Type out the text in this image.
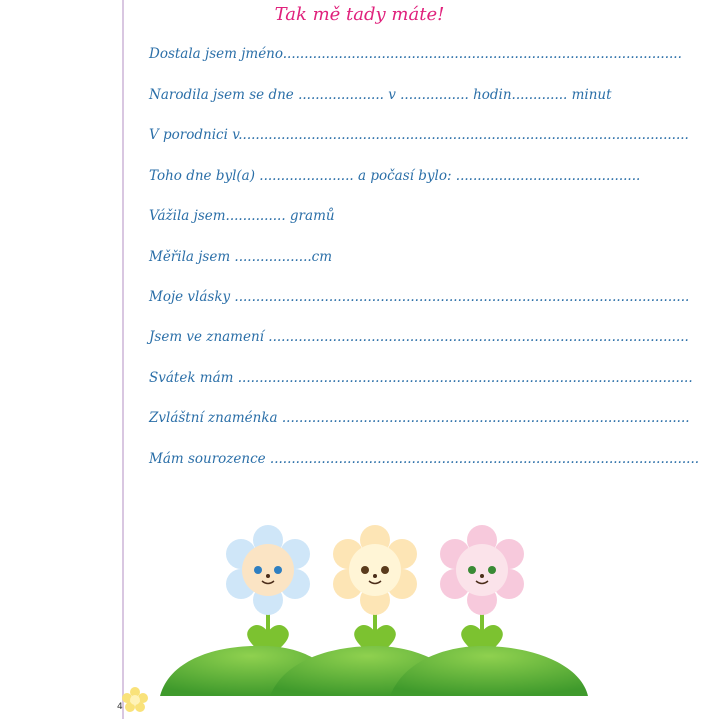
Tak mě tady máte!
Dostala jsem jméno.............................................................................................
Narodila jsem se dne .................... v ................ hodin............. minut
V porodnici v.........................................................................................................
Toho dne byl(a) ...................... a počasí bylo: ...........................................
Vážila jsem.............. gramů
Měřila jsem ..................cm
Moje vlásky ..........................................................................................................
Jsem ve znamení ..................................................................................................
Svátek mám ..........................................................................................................
Zvláštní znaménka ...............................................................................................
Mám sourozence ....................................................................................................
4
